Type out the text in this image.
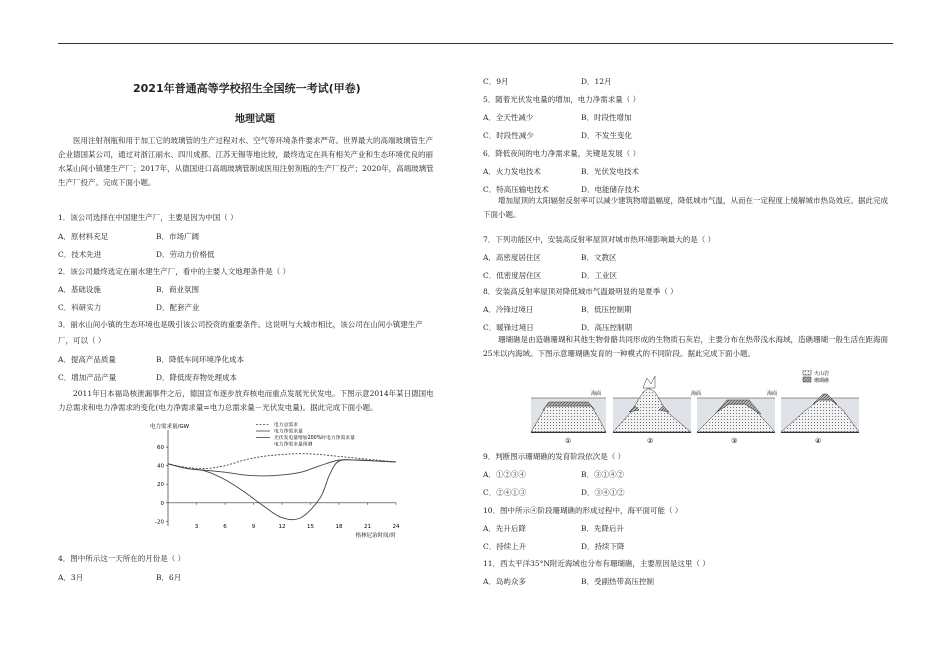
2021年普通高等学校招生全国统一考试(甲卷)
地理试题
医用注射剂瓶和用于加工它的玻璃管的生产过程对水、空气等环境条件要求严苛。世界最大的高端玻璃管生产企业德国某公司，通过对浙江丽水、四川成都、江苏无锡等地比较，最终选定在具有相关产业和生态环境优良的丽水某山间小镇建生产厂；2017年，从德国进口高端玻璃管制成医用注射剂瓶的生产厂投产；2020年，高端玻璃管生产厂投产。完成下面小题。
1．该公司选择在中国建生产厂，主要是因为中国（ ）
A．原材料充足	B．市场广阔
C．技术先进	D．劳动力价格低
2．该公司最终选定在丽水建生产厂，看中的主要人文地理条件是（ ）
A．基础设施	B．商业氛围
C．科研实力	D．配套产业
3．丽水山间小镇的生态环境也是吸引该公司投资的重要条件。这说明与大城市相比，该公司在山间小镇建生产
厂，可以（ ）
A．提高产品质量	B．降低车间环境净化成本
C．增加产品产量	D．降低废弃物处理成本
2011年日本福岛核泄漏事件之后，德国宣布逐步放弃核电而重点发展光伏发电。下图示意2014年某日德国电力总需求和电力净需求的变化(电力净需求量=电力总需求量－光伏发电量)。据此完成下面小题。
电力需求量/GW
60
40
20
0
-20
3	6	9	12	15	18	21	24
格林尼治时间/时
电力总需求
电力净需求量
光伏发电量增加200%时电力净需求量
电力净需求量预测
4．图中所示这一天所在的月份是（ ）
A．3月	B．6月
C．9月	D．12月
5．随着光伏发电量的增加，电力净需求量（ ）
A．全天性减少	B．时段性增加
C．时段性减少	D．不发生变化
6．降低夜间的电力净需求量，关键是发展（ ）
A．火力发电技术	B．光伏发电技术
C．特高压输电技术	D．电能储存技术
增加屋顶的太阳辐射反射率可以减少建筑物增温幅度，降低城市气温，从而在一定程度上缓解城市热岛效应。据此完成下面小题。
7．下列功能区中，安装高反射率屋顶对城市热环境影响最大的是（ ）
A．高密度居住区	B．文教区
C．低密度居住区	D．工业区
8．安装高反射率屋顶对降低城市气温最明显的是夏季（ ）
A．冷锋过境日	B．低压控制期
C．暖锋过境日	D．高压控制期
珊瑚礁是由造礁珊瑚和其他生物骨骼共同形成的生物质石灰岩，主要分布在热带浅水海域，造礁珊瑚一般生活在距海面25米以内海域。下图示意珊瑚礁发育的一种模式的不同阶段。据此完成下面小题。
火山岩
珊瑚礁
海面	海面	海面
①	②	③	④
9．判断图示珊瑚礁的发育阶段依次是（ ）
A．①②③④	B．③①④②
C．②④①③	D．③④①②
10．图中所示④阶段珊瑚礁的形成过程中，海平面可能（ ）
A．先升后降	B．先降后升
C．持续上升	D．持续下降
11．西太平洋35°N附近海域也分布有珊瑚礁，主要原因是这里（ ）
A．岛屿众多	B．受副热带高压控制
